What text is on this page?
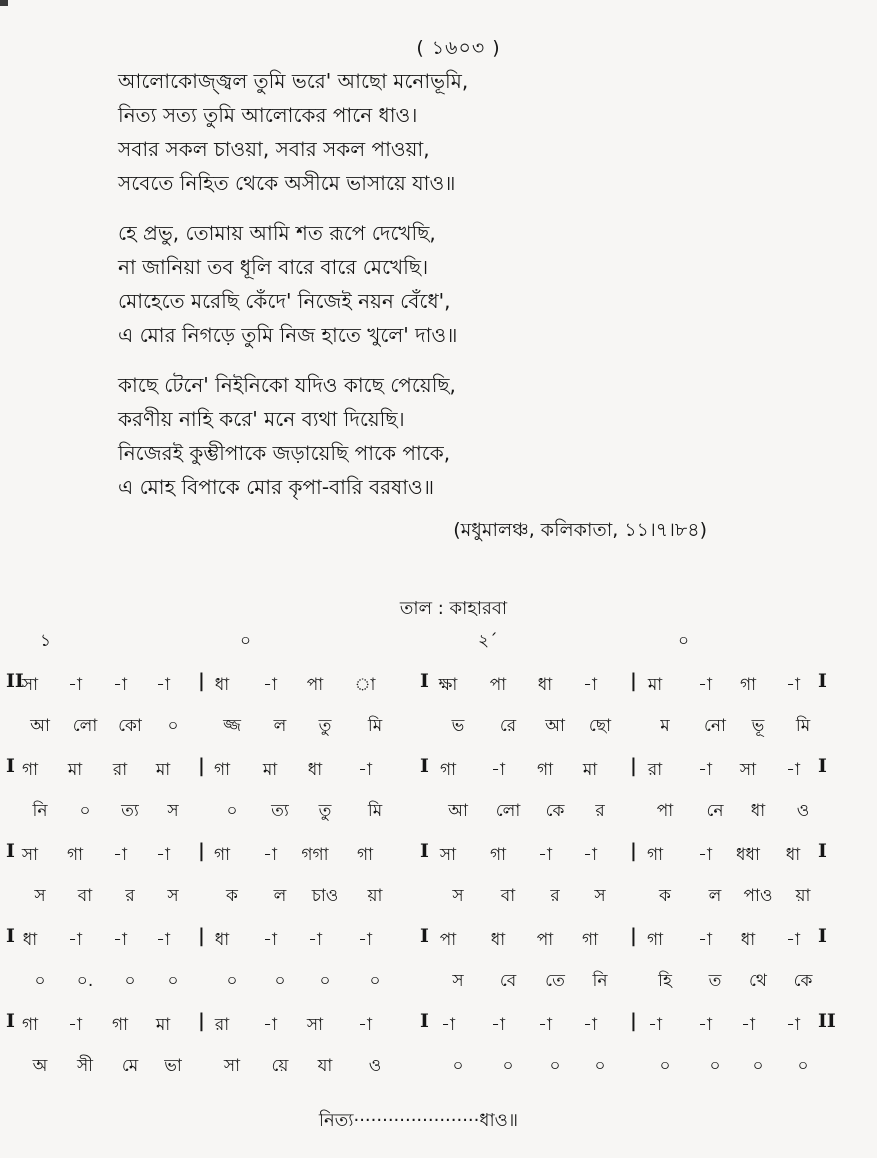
( ১৬০৩ )
আলোকোজ্জ্বল তুমি ভরে' আছো মনোভূমি,
নিত্য সত্য তুমি আলোকের পানে ধাও।
সবার সকল চাওয়া, সবার সকল পাওয়া,
সবেতে নিহিত থেকে অসীমে ভাসায়ে যাও॥
হে প্রভু, তোমায় আমি শত রূপে দেখেছি,
না জানিয়া তব ধূলি বারে বারে মেখেছি।
মোহেতে মরেছি কেঁদে' নিজেই নয়ন বেঁধে',
এ মোর নিগড়ে তুমি নিজ হাতে খুলে' দাও॥
কাছে টেনে' নিইনিকো যদিও কাছে পেয়েছি,
করণীয় নাহি করে' মনে ব্যথা দিয়েছি।
নিজেরই কুম্ভীপাকে জড়ায়েছি পাকে পাকে,
এ মোহ বিপাকে মোর কৃপা-বারি বরষাও॥
(মধুমালঞ্চ, কলিকাতা, ১১।৭।৮৪)
তাল : কাহারবা
১	০	২´	০
II
সা	-া	-া	-া	| ধা	-া	পা	া	I ক্ষা	পা	ধা	-া	| মা	-া	গা	-া I
আ	লো	কো	০	জ্জ	ল	তু	মি	ভ	রে	আ	ছো	ম	নো	ভূ	মি
I গা	মা	রা	মা	| গা	মা	ধা	-া	I গা	-া	গা	মা	| রা	-া	সা	-া I
নি	০	ত্য	স	০	ত্য	তু	মি	আ	লো	কে	র	পা	নে	ধা	ও
I সা	গা	-া	-া	| গা	-া	গগা	গা	I সা	গা	-া	-া	| গা	-া	ধধা	ধা I
স	বা	র	স	ক	ল	চাও	য়া	স	বা	র	স	ক	ল	পাও	য়া
I ধা	-া	-া	-া	| ধা	-া	-া	-া	I পা	ধা	পা	গা	| গা	-া	ধা	-া I
০	০.	০	০	০	০	০	০	স	বে	তে	নি	হি	ত	থে	কে
I গা	-া	গা	মা	| রা	-া	সা	-া	I -া	-া	-া	-া	| -া	-া	-া	-া II
অ	সী	মে	ভা	সা	য়ে	যা	ও	০	০	০	০	০	০	০	০
নিত্য······················ধাও॥
